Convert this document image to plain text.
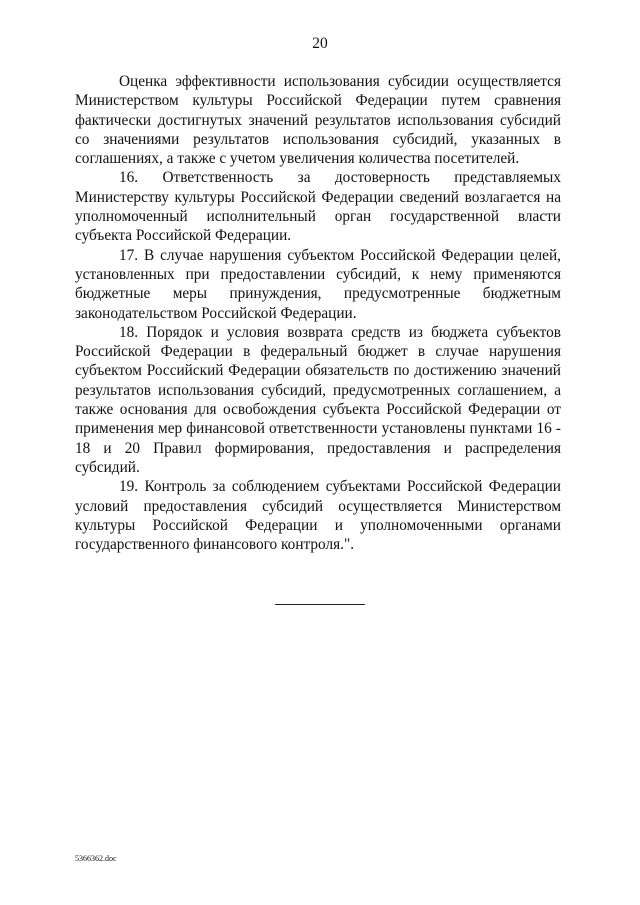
20

Оценка эффективности использования субсидии осуществляется Министерством культуры Российской Федерации путем сравнения фактически достигнутых значений результатов использования субсидий со значениями результатов использования субсидий, указанных в соглашениях, а также с учетом увеличения количества посетителей.

16. Ответственность за достоверность представляемых Министерству культуры Российской Федерации сведений возлагается на уполномоченный исполнительный орган государственной власти субъекта Российской Федерации.

17. В случае нарушения субъектом Российской Федерации целей, установленных при предоставлении субсидий, к нему применяются бюджетные меры принуждения, предусмотренные бюджетным законодательством Российской Федерации.

18. Порядок и условия возврата средств из бюджета субъектов Российской Федерации в федеральный бюджет в случае нарушения субъектом Российский Федерации обязательств по достижению значений результатов использования субсидий, предусмотренных соглашением, а также основания для освобождения субъекта Российской Федерации от применения мер финансовой ответственности установлены пунктами 16 - 18 и 20 Правил формирования, предоставления и распределения субсидий.

19. Контроль за соблюдением субъектами Российской Федерации условий предоставления субсидий осуществляется Министерством культуры Российской Федерации и уполномоченными органами государственного финансового контроля.".

5366362.doc
